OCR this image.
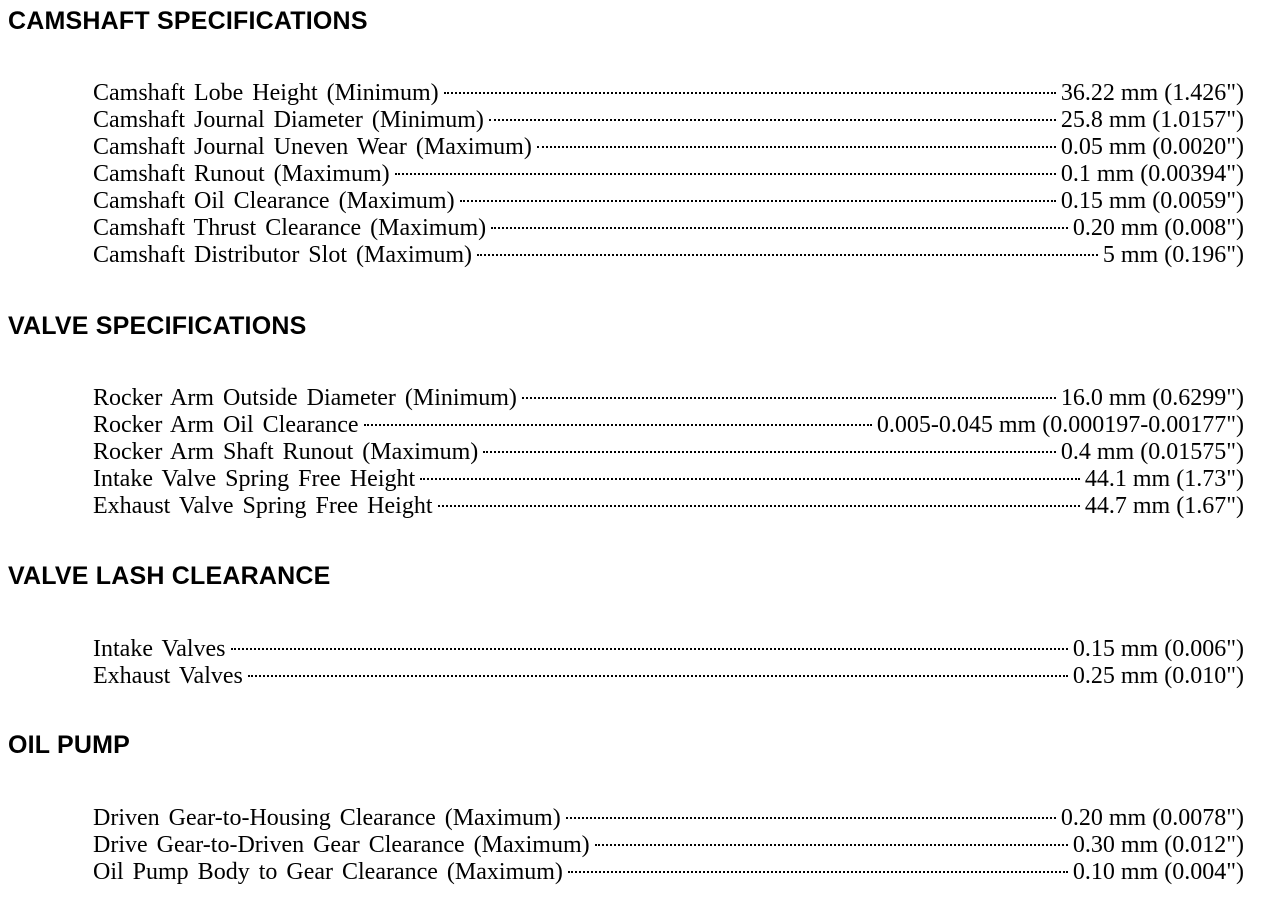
CAMSHAFT SPECIFICATIONS
Camshaft Lobe Height (Minimum)	36.22 mm (1.426")
Camshaft Journal Diameter (Minimum)	25.8 mm (1.0157")
Camshaft Journal Uneven Wear (Maximum)	0.05 mm (0.0020")
Camshaft Runout (Maximum)	0.1 mm (0.00394")
Camshaft Oil Clearance (Maximum)	0.15 mm (0.0059")
Camshaft Thrust Clearance (Maximum)	0.20 mm (0.008")
Camshaft Distributor Slot (Maximum)	5 mm (0.196")
VALVE SPECIFICATIONS
Rocker Arm Outside Diameter (Minimum)	16.0 mm (0.6299")
Rocker Arm Oil Clearance	0.005-0.045 mm (0.000197-0.00177")
Rocker Arm Shaft Runout (Maximum)	0.4 mm (0.01575")
Intake Valve Spring Free Height	44.1 mm (1.73")
Exhaust Valve Spring Free Height	44.7 mm (1.67")
VALVE LASH CLEARANCE
Intake Valves	0.15 mm (0.006")
Exhaust Valves	0.25 mm (0.010")
OIL PUMP
Driven Gear-to-Housing Clearance (Maximum)	0.20 mm (0.0078")
Drive Gear-to-Driven Gear Clearance (Maximum)	0.30 mm (0.012")
Oil Pump Body to Gear Clearance (Maximum)	0.10 mm (0.004")
